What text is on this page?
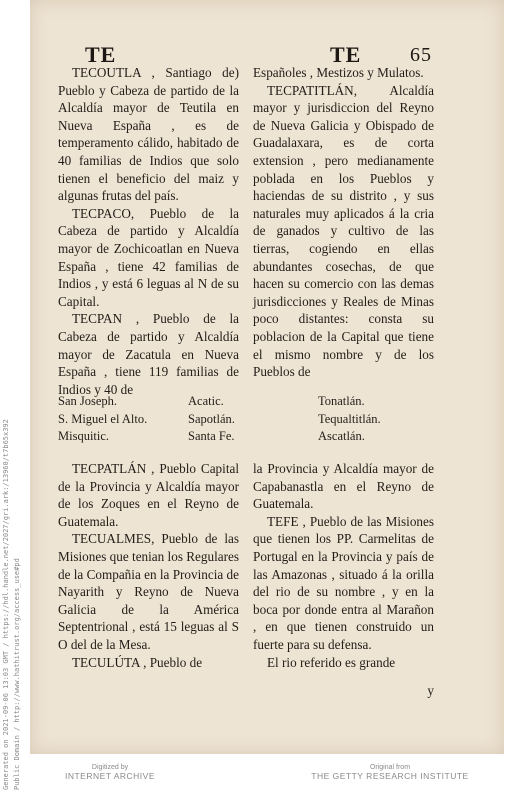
Generated on 2021-09-06 13:03 GMT / https://hdl.handle.net/2027/gri.ark:/13960/t7b65x392 Public Domain / http://www.hathitrust.org/access_use#pd
TE	TE 65

TECOUTLA , Santiago de) Pueblo y Cabeza de partido de la Alcaldía mayor de Teutila en Nueva España , es de temperamento cálido, habitado de 40 familias de Indios que solo tienen el beneficio del maiz y algunas frutas del país.

TECPACO, Pueblo de la Cabeza de partido y Alcaldía mayor de Zochicoatlan en Nueva España , tiene 42 familias de Indios , y está 6 leguas al N de su Capital.

TECPAN , Pueblo de la Cabeza de partido y Alcaldía mayor de Zacatula en Nueva España , tiene 119 familias de Indios y 40 de

Españoles , Mestizos y Mulatos.

TECPATITLÁN, Alcaldía mayor y jurisdiccion del Reyno de Nueva Galicia y Obispado de Guadalaxara, es de corta extension , pero medianamente poblada en los Pueblos y haciendas de su distrito , y sus naturales muy aplicados á la cria de ganados y cultivo de las tierras, cogiendo en ellas abundantes cosechas, de que hacen su comercio con las demas jurisdicciones y Reales de Minas poco distantes: consta su poblacion de la Capital que tiene el mismo nombre y de los Pueblos de

San Joseph.
S. Miguel el Alto.
Misquitic.
Acatic.
Sapotlán.
Santa Fe.
Tonatlán.
Tequaltitlán.
Ascatlán.

TECPATLÁN , Pueblo Capital de la Provincia y Alcaldía mayor de los Zoques en el Reyno de Guatemala.

TECUALMES, Pueblo de las Misiones que tenian los Regulares de la Compañia en la Provincia de Nayarith y Reyno de Nueva Galicia de la América Septentrional , está 15 leguas al S O del de la Mesa.

TECULÚTA , Pueblo de

la Provincia y Alcaldía mayor de Capabanastla en el Reyno de Guatemala.

TEFE , Pueblo de las Misiones que tienen los PP. Carmelitas de Portugal en la Provincia y país de las Amazonas , situado á la orilla del rio de su nombre , y en la boca por donde entra al Marañon , en que tienen construido un fuerte para su defensa.

El rio referido es grande

y
Digitized by
INTERNET ARCHIVE
Original from
THE GETTY RESEARCH INSTITUTE
